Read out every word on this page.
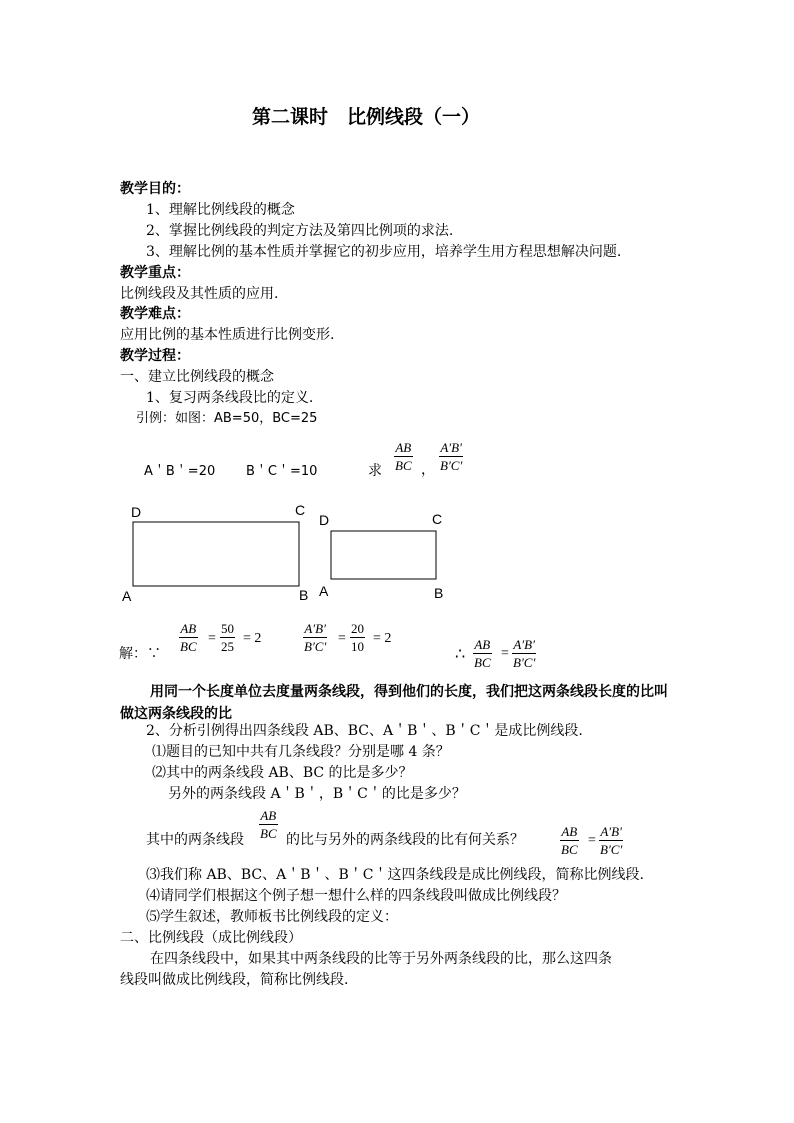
第二课时　比例线段（一）
教学目的：
1、理解比例线段的概念
2、掌握比例线段的判定方法及第四比例项的求法.
3、理解比例的基本性质并掌握它的初步应用，培养学生用方程思想解决问题.
教学重点：
比例线段及其性质的应用.
教学难点：
应用比例的基本性质进行比例变形.
教学过程：
一、建立比例线段的概念
1、复习两条线段比的定义.
引例：如图：AB=50，BC=25
A＇B＇=20 B＇C＇=10	求
AB
BC ，
A′B′
B′C′
D	C
A	B
D	C
A	B
解：∵
AB
BC
=
50
25
= 2
A′B′
B′C′
=
20
10
= 2
∴
AB
BC
=
A′B′
B′C′
用同一个长度单位去度量两条线段，得到他们的长度，我们把这两条线段长度的比叫做这两条线段的比
2、分析引例得出四条线段 AB、BC、A＇B＇、B＇C＇是成比例线段.
⑴题目的已知中共有几条线段？分别是哪 4 条？
⑵其中的两条线段 AB、BC 的比是多少？
另外的两条线段 A＇B＇，B＇C＇的比是多少？
其中的两条线段
AB
BC 的比与另外的两条线段的比有何关系？
AB
BC
=
A′B′
B′C′
⑶我们称 AB、BC、A＇B＇、B＇C＇这四条线段是成比例线段，简称比例线段.
⑷请同学们根据这个例子想一想什么样的四条线段叫做成比例线段？
⑸学生叙述，教师板书比例线段的定义：
二、比例线段（成比例线段）
在四条线段中，如果其中两条线段的比等于另外两条线段的比，那么这四条
线段叫做成比例线段，简称比例线段.
